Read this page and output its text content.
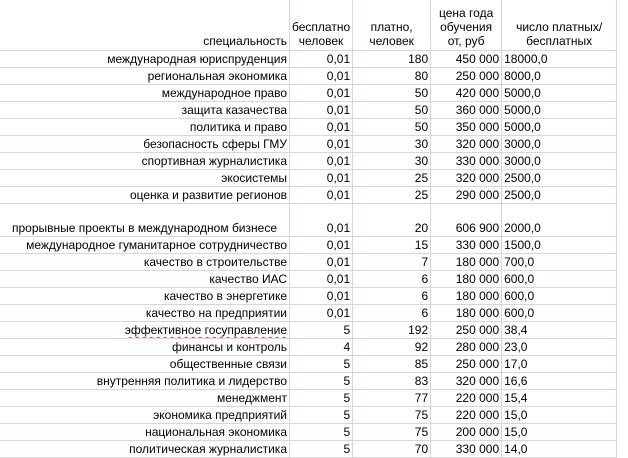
специальность	бесплатно человек	платно, человек	цена года обучения от, руб	число платных/бесплатных
международная юриспруденция	0,01	180	450 000	18000,0
региональная экономика	0,01	80	250 000	8000,0
международное право	0,01	50	420 000	5000,0
защита казачества	0,01	50	360 000	5000,0
политика и право	0,01	50	350 000	5000,0
безопасность сферы ГМУ	0,01	30	320 000	3000,0
спортивная журналистика	0,01	30	330 000	3000,0
экосистемы	0,01	25	320 000	2500,0
оценка и развитие регионов	0,01	25	290 000	2500,0
прорывные проекты в международном бизнесе	0,01	20	606 900	2000,0
международное гуманитарное сотрудничество	0,01	15	330 000	1500,0
качество в строительстве	0,01	7	180 000	700,0
качество ИАС	0,01	6	180 000	600,0
качество в энергетике	0,01	6	180 000	600,0
качество на предприятии	0,01	6	180 000	600,0
эффективное госуправление	5	192	250 000	38,4
финансы и контроль	4	92	280 000	23,0
общественные связи	5	85	250 000	17,0
внутренняя политика и лидерство	5	83	320 000	16,6
менеджмент	5	77	220 000	15,4
экономика предприятий	5	75	220 000	15,0
национальная экономика	5	75	200 000	15,0
политическая журналистика	5	70	330 000	14,0
